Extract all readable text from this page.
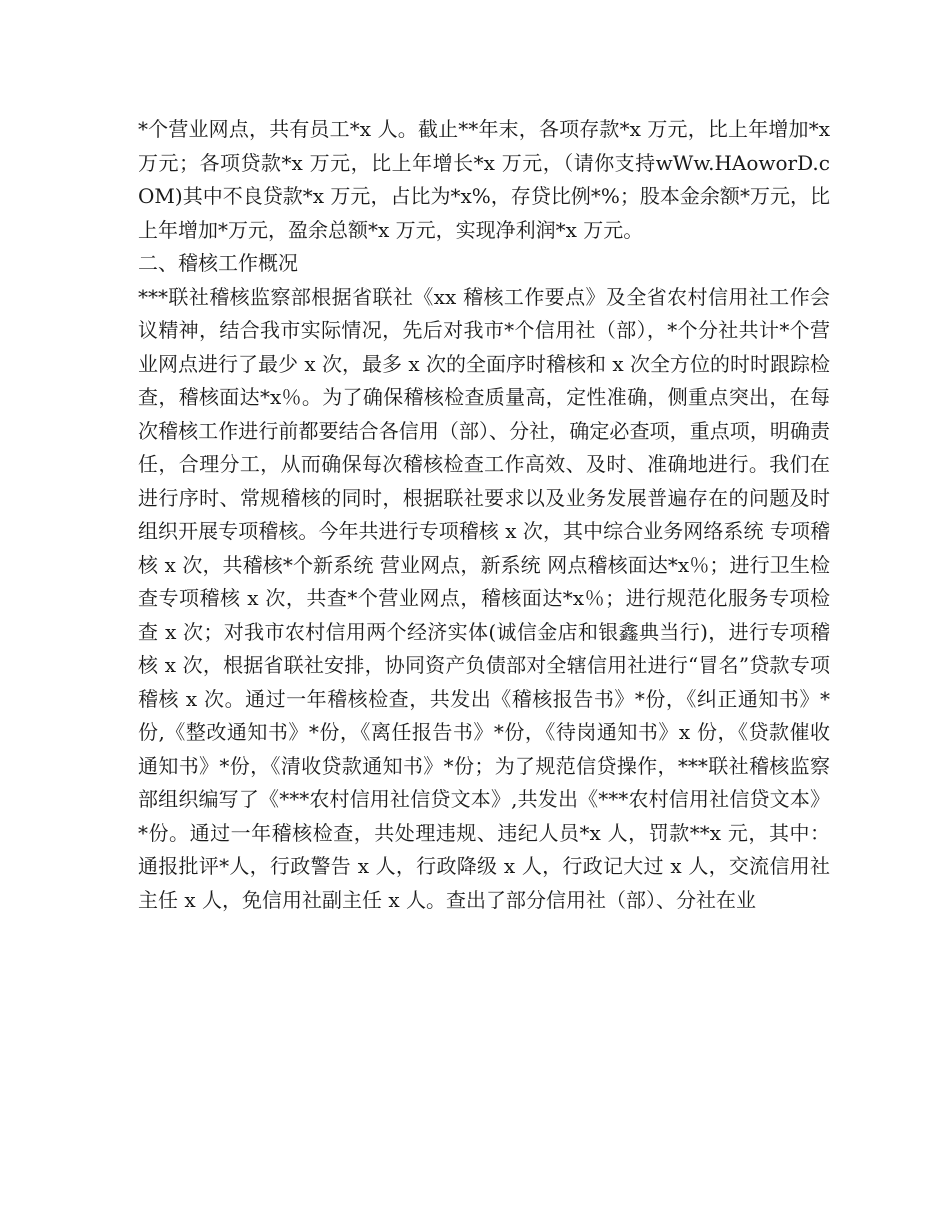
*个营业网点，共有员工*x 人。截止**年末，各项存款*x 万元，比上年增加*x 万元；各项贷款*x 万元，比上年增长*x 万元，（请你支持wWw.HAoworD.cOM)其中不良贷款*x 万元，占比为*x%，存贷比例*%；股本金余额*万元，比上年增加*万元，盈余总额*x 万元，实现净利润*x 万元。

二、稽核工作概况

***联社稽核监察部根据省联社《xx 稽核工作要点》及全省农村信用社工作会议精神，结合我市实际情况，先后对我市*个信用社（部），*个分社共计*个营业网点进行了最少 x 次，最多 x 次的全面序时稽核和 x 次全方位的时时跟踪检查，稽核面达*x％。为了确保稽核检查质量高，定性准确，侧重点突出，在每次稽核工作进行前都要结合各信用（部）、分社，确定必查项，重点项，明确责任，合理分工，从而确保每次稽核检查工作高效、及时、准确地进行。我们在进行序时、常规稽核的同时，根据联社要求以及业务发展普遍存在的问题及时组织开展专项稽核。今年共进行专项稽核 x 次，其中综合业务网络系统 专项稽核 x 次，共稽核*个新系统 营业网点，新系统 网点稽核面达*x％；进行卫生检查专项稽核 x 次，共查*个营业网点，稽核面达*x％；进行规范化服务专项检查 x 次；对我市农村信用两个经济实体(诚信金店和银鑫典当行)，进行专项稽核 x 次，根据省联社安排，协同资产负债部对全辖信用社进行“冒名”贷款专项稽核 x 次。通过一年稽核检查，共发出《稽核报告书》*份，《纠正通知书》*份,《整改通知书》*份，《离任报告书》*份，《待岗通知书》x 份，《贷款催收通知书》*份，《清收贷款通知书》*份；为了规范信贷操作，***联社稽核监察部组织编写了《***农村信用社信贷文本》,共发出《***农村信用社信贷文本》*份。通过一年稽核检查，共处理违规、违纪人员*x 人，罚款**x 元，其中：通报批评*人，行政警告 x 人，行政降级 x 人，行政记大过 x 人，交流信用社主任 x 人，免信用社副主任 x 人。查出了部分信用社（部）、分社在业
